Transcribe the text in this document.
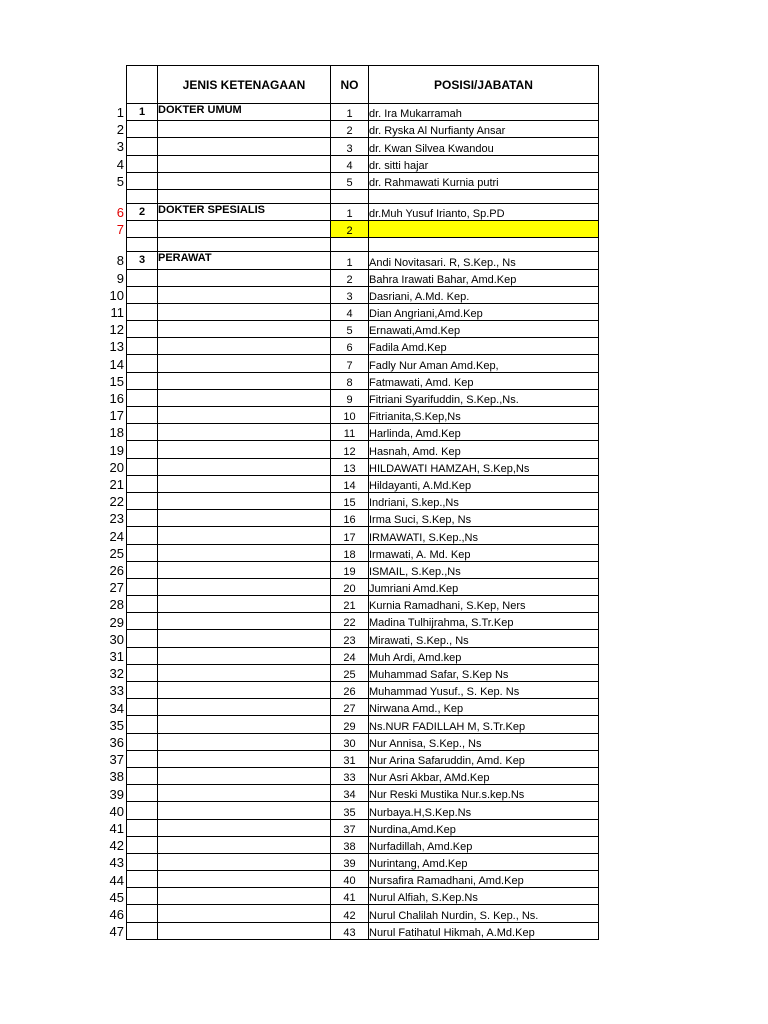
1
2
3
4
5
6
7
8
9
10
11
12
13
14
15
16
17
18
19
20
21
22
23
24
25
26
27
28
29
30
31
32
33
34
35
36
37
38
39
40
41
42
43
44
45
46
47
	JENIS KETENAGAAN	NO	POSISI/JABATAN
1	DOKTER UMUM	1	dr. Ira Mukarramah
		2	dr. Ryska Al Nurfianty Ansar
		3	dr. Kwan Silvea Kwandou
		4	dr. sitti hajar
		5	dr. Rahmawati Kurnia putri

2	DOKTER SPESIALIS	1	dr.Muh Yusuf Irianto, Sp.PD
		2	

3	PERAWAT	1	Andi Novitasari. R, S.Kep., Ns
		2	Bahra Irawati Bahar, Amd.Kep
		3	Dasriani, A.Md. Kep.
		4	Dian Angriani,Amd.Kep
		5	Ernawati,Amd.Kep
		6	Fadila Amd.Kep
		7	Fadly Nur Aman Amd.Kep,
		8	Fatmawati, Amd. Kep
		9	Fitriani Syarifuddin, S.Kep.,Ns.
		10	Fitrianita,S.Kep,Ns
		11	Harlinda, Amd.Kep
		12	Hasnah, Amd. Kep
		13	HILDAWATI HAMZAH, S.Kep,Ns
		14	Hildayanti, A.Md.Kep
		15	Indriani, S.kep.,Ns
		16	Irma Suci, S.Kep, Ns
		17	IRMAWATI, S.Kep.,Ns
		18	Irmawati, A. Md. Kep
		19	ISMAIL, S.Kep.,Ns
		20	Jumriani Amd.Kep
		21	Kurnia Ramadhani, S.Kep, Ners
		22	Madina Tulhijrahma, S.Tr.Kep
		23	Mirawati, S.Kep., Ns
		24	Muh Ardi, Amd.kep
		25	Muhammad Safar, S.Kep Ns
		26	Muhammad Yusuf., S. Kep. Ns
		27	Nirwana Amd., Kep
		29	Ns.NUR FADILLAH M, S.Tr.Kep
		30	Nur Annisa, S.Kep., Ns
		31	Nur Arina Safaruddin, Amd. Kep
		33	Nur Asri Akbar, AMd.Kep
		34	Nur Reski Mustika Nur.s.kep.Ns
		35	Nurbaya.H,S.Kep.Ns
		37	Nurdina,Amd.Kep
		38	Nurfadillah, Amd.Kep
		39	Nurintang, Amd.Kep
		40	Nursafira Ramadhani, Amd.Kep
		41	Nurul Alfiah, S.Kep.Ns
		42	Nurul Chalilah Nurdin, S. Kep., Ns.
		43	Nurul Fatihatul Hikmah, A.Md.Kep
